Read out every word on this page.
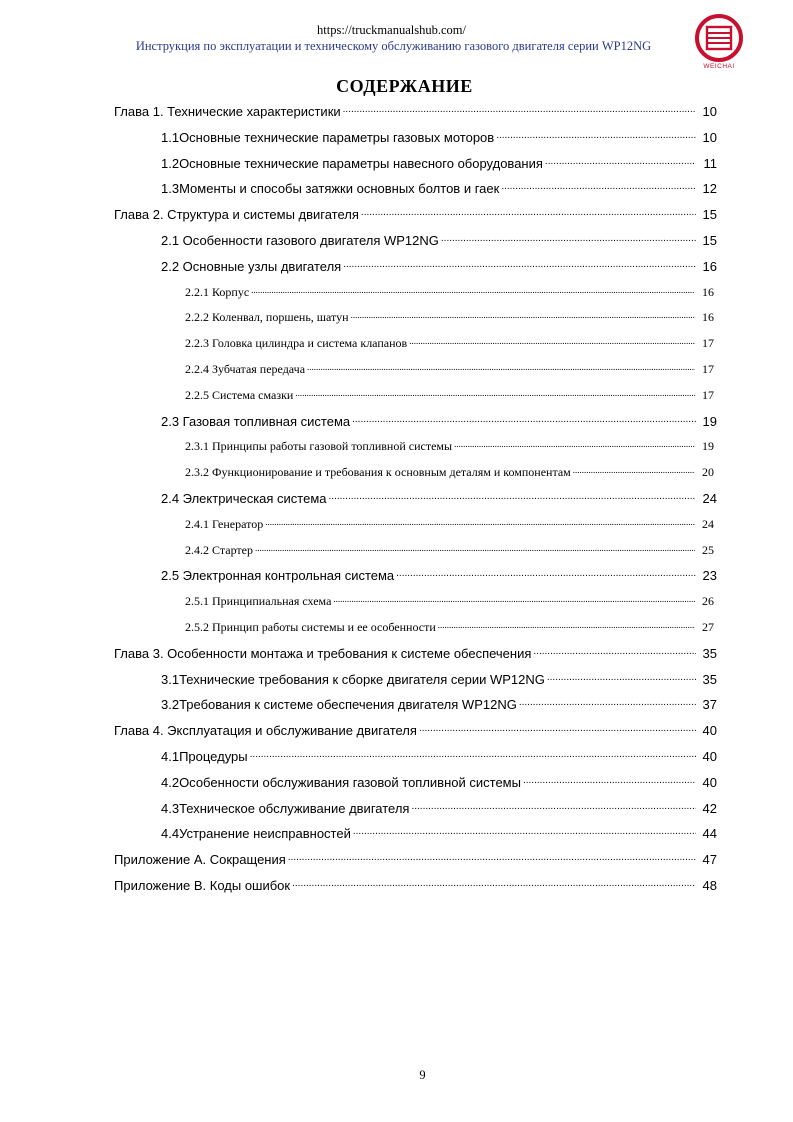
https://truckmanualshub.com/
Инструкция по эксплуатации и техническому обслуживанию газового двигателя серии WP12NG
WEICHAI
СОДЕРЖАНИЕ
Глава 1. Технические характеристики .....	10
1.1Основные технические параметры газовых моторов .....	10
1.2Основные технические параметры навесного оборудования .....	11
1.3Моменты и способы затяжки основных болтов и гаек .....	12
Глава 2. Структура и системы двигателя .....	15
2.1 Особенности газового двигателя WP12NG .....	15
2.2 Основные узлы двигателя .....	16
2.2.1 Корпус .....	16
2.2.2 Коленвал, поршень, шатун .....	16
2.2.3 Головка цилиндра и система клапанов .....	17
2.2.4 Зубчатая передача .....	17
2.2.5 Система смазки .....	17
2.3 Газовая топливная система .....	19
2.3.1 Принципы работы газовой топливной системы .....	19
2.3.2 Функционирование и требования к основным деталям и компонентам .....	20
2.4 Электрическая система .....	24
2.4.1 Генератор .....	24
2.4.2 Стартер .....	25
2.5 Электронная контрольная система .....	23
2.5.1 Принципиальная схема .....	26
2.5.2 Принцип работы системы и ее особенности .....	27
Глава 3. Особенности монтажа и требования к системе обеспечения .....	35
3.1Технические требования к сборке двигателя серии WP12NG .....	35
3.2Требования к системе обеспечения двигателя WP12NG .....	37
Глава 4. Эксплуатация и обслуживание двигателя .....	40
4.1Процедуры .....	40
4.2Особенности обслуживания газовой топливной системы .....	40
4.3Техническое обслуживание двигателя .....	42
4.4Устранение неисправностей .....	44
Приложение А. Сокращения .....	47
Приложение В. Коды ошибок .....	48
9
